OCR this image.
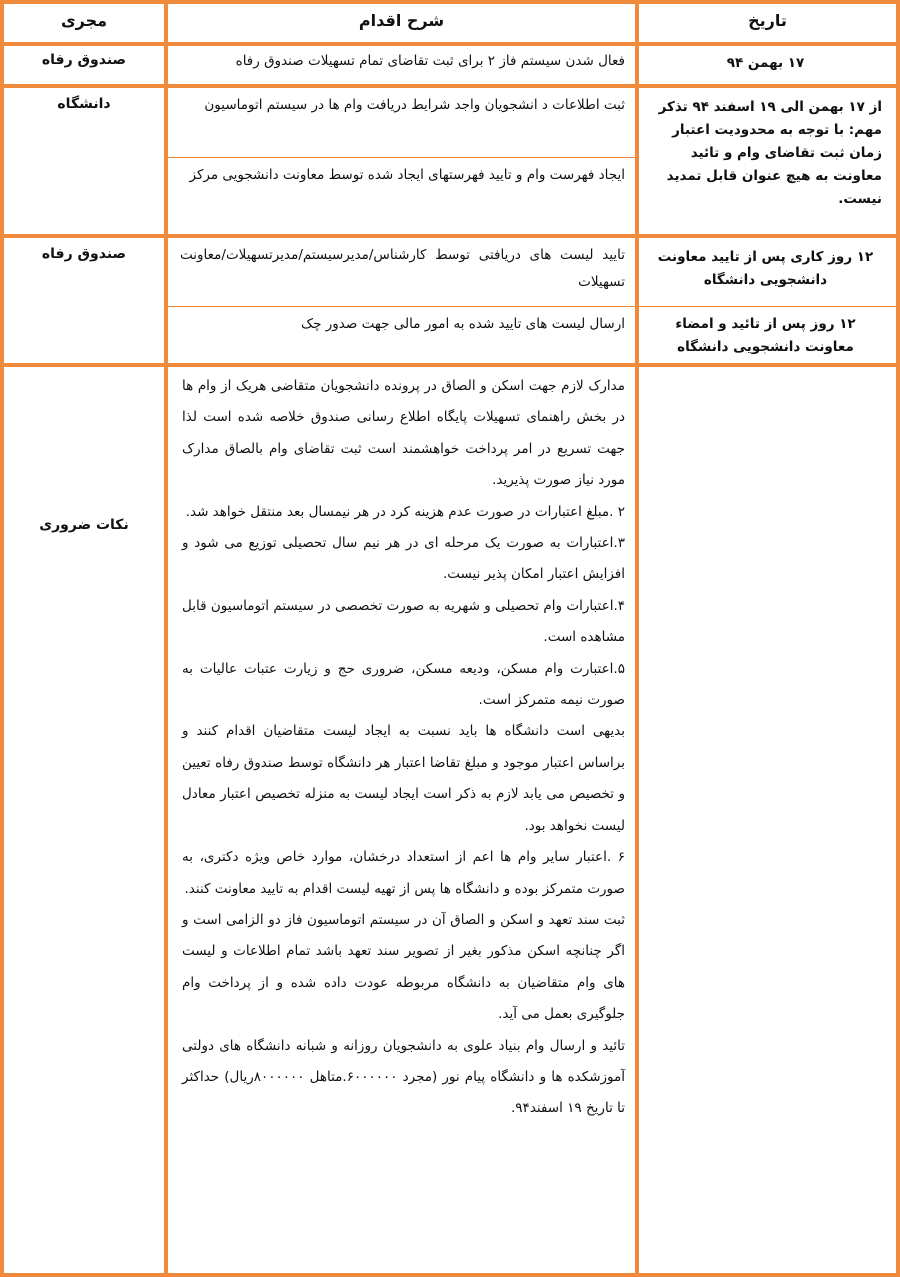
تاریخ
شرح اقدام
مجری
۱۷ بهمن ۹۴
فعال شدن سیستم فاز ۲ برای ثبت تقاضای تمام تسهیلات صندوق رفاه
صندوق رفاه
از ۱۷ بهمن الی ۱۹ اسفند ۹۴ تذکر مهم: با توجه به محدودیت اعتبار زمان ثبت تقاضای وام و تائید معاونت به هیچ عنوان قابل تمدید نیست.
ثبت اطلاعات د انشجویان واجد شرایط دریافت وام ها در سیستم اتوماسیون
ایجاد فهرست وام و تایید فهرستهای ایجاد شده توسط معاونت دانشجویی مرکز
دانشگاه
۱۲ روز کاری پس از تایید معاونت دانشجویی دانشگاه
تایید لیست های دریافتی توسط کارشناس/مدیرسیستم/مدیرتسهیلات/معاونت تسهیلات
۱۲ روز پس از تائید و امضاء معاونت دانشجویی دانشگاه
ارسال لیست های تایید شده به امور مالی جهت صدور چک
صندوق رفاه
نکات ضروری

مدارک لازم جهت اسکن و الصاق در پرونده دانشجویان متقاضی هریک از وام ها در بخش راهنمای تسهیلات پایگاه اطلاع رسانی صندوق خلاصه شده است لذا جهت تسریع در امر پرداخت خواهشمند است ثبت تقاضای وام بالصاق مدارک مورد نیاز صورت پذیرید.

۲ .مبلغ اعتبارات در صورت عدم هزینه کرد در هر نیمسال بعد منتقل خواهد شد.

۳.اعتبارات به صورت یک مرحله ای در هر نیم سال تحصیلی توزیع می شود و افزایش اعتبار امکان پذیر نیست.

۴.اعتبارات وام تحصیلی و شهریه به صورت تخصصی در سیستم اتوماسیون قابل مشاهده است.

۵.اعتبارت وام مسکن، ودیعه مسکن، ضروری حج و زیارت عتبات عالیات به صورت نیمه متمرکز است.

بدیهی است دانشگاه ها باید نسبت به ایجاد لیست متقاضیان اقدام کنند و براساس اعتبار موجود و مبلغ تقاضا اعتبار هر دانشگاه توسط صندوق رفاه تعیین و تخصیص می یابد لازم به ذکر است ایجاد لیست به منزله تخصیص اعتبار معادل لیست نخواهد بود.

۶ .اعتبار سایر وام ها اعم از استعداد درخشان، موارد خاص ویژه دکتری، به صورت متمرکز بوده و دانشگاه ها پس از تهیه لیست اقدام به تایید معاونت کنند.

ثبت سند تعهد و اسکن و الصاق آن در سیستم اتوماسیون فاز دو الزامی است و اگر چنانچه اسکن مذکور بغیر از تصویر سند تعهد باشد تمام اطلاعات و لیست های وام متقاضیان به دانشگاه مربوطه عودت داده شده و از پرداخت وام جلوگیری بعمل می آید.

تائید و ارسال وام بنیاد علوی به دانشجویان روزانه و شبانه دانشگاه های دولتی آموزشکده ها و دانشگاه پیام نور (مجرد ۶۰۰۰۰۰۰.متاهل ۸۰۰۰۰۰۰ریال) حداکثر تا تاریخ ۱۹ اسفند۹۴.
